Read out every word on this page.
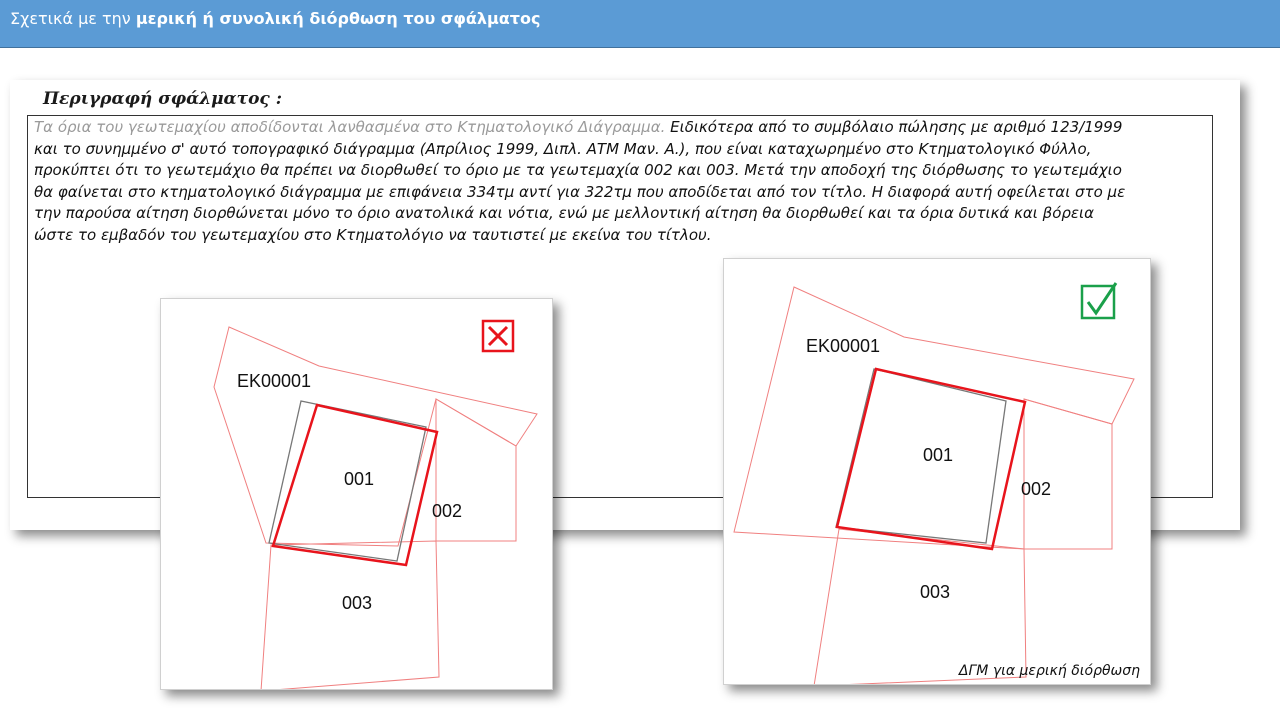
Σχετικά με την μερική ή συνολική διόρθωση του σφάλματος
Περιγραφή σφάλματος :
Τα όρια του γεωτεμαχίου αποδίδονται λανθασμένα στο Κτηματολογικό Διάγραμμα. Ειδικότερα από το συμβόλαιο πώλησης με αριθμό 123/1999 και το συνημμένο σ' αυτό τοπογραφικό διάγραμμα (Απρίλιος 1999, Διπλ. ΑΤΜ Μαν. Α.), που είναι καταχωρημένο στο Κτηματολογικό Φύλλο, προκύπτει ότι το γεωτεμάχιο θα πρέπει να διορθωθεί το όριο με τα γεωτεμαχία 002 και 003. Μετά την αποδοχή της διόρθωσης το γεωτεμάχιο θα φαίνεται στο κτηματολογικό διάγραμμα με επιφάνεια 334τμ αντί για 322τμ που αποδίδεται από τον τίτλο. Η διαφορά αυτή οφείλεται στο με την παρούσα αίτηση διορθώνεται μόνο το όριο ανατολικά και νότια, ενώ με μελλοντική αίτηση θα διορθωθεί και τα όρια δυτικά και βόρεια ώστε το εμβαδόν του γεωτεμαχίου στο Κτηματολόγιο να ταυτιστεί με εκείνα του τίτλου.
EK00001
001
002
003
EK00001
001
002
003
ΔΓΜ για μερική διόρθωση
